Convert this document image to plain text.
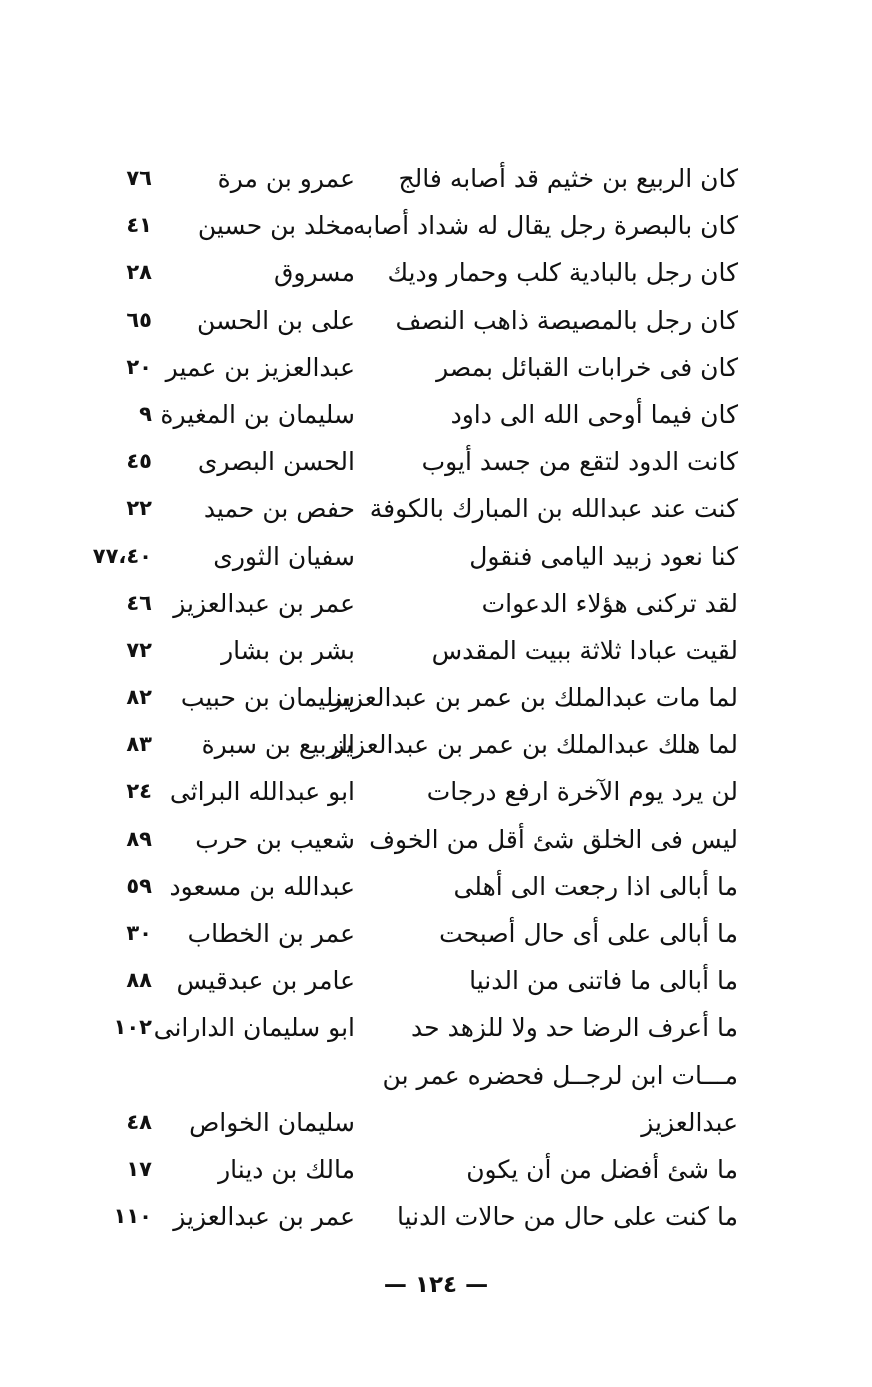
كان الربيع بن خثيم قد أصابه فالج
عمرو بن مرة
٧٦
كان بالبصرة رجل يقال له شداد أصابه
مخلد بن حسين
٤١
كان رجل بالبادية كلب وحمار وديك
مسروق
٢٨
كان رجل بالمصيصة ذاهب النصف
على بن الحسن
٦٥
كان فى خرابات القبائل بمصر
عبدالعزيز بن عمير
٢٠
كان فيما أوحى الله الى داود
سليمان بن المغيرة
٩
كانت الدود لتقع من جسد أيوب
الحسن البصرى
٤٥
كنت عند عبدالله بن المبارك بالكوفة
حفص بن حميد
٢٢
كنا نعود زبيد اليامى فنقول
سفيان الثورى
٧٧،٤٠
لقد تركنى هؤلاء الدعوات
عمر بن عبدالعزيز
٤٦
لقيت عبادا ثلاثة ببيت المقدس
بشر بن بشار
٧٢
لما مات عبدالملك بن عمر بن عبدالعزيز
سليمان بن حبيب
٨٢
لما هلك عبدالملك بن عمر بن عبدالعزيز
الربيع بن سبرة
٨٣
لن يرد يوم الآخرة ارفع درجات
ابو عبدالله البراثى
٢٤
ليس فى الخلق شئ أقل من الخوف
شعيب بن حرب
٨٩
ما أبالى اذا رجعت الى أهلى
عبدالله بن مسعود
٥٩
ما أبالى على أى حال أصبحت
عمر بن الخطاب
٣٠
ما أبالى ما فاتنى من الدنيا
عامر بن عبدقيس
٨٨
ما أعرف الرضا حد ولا للزهد حد
ابو سليمان الدارانى
١٠٢
مـــات ابن لرجــل فحضره عمر بن
عبدالعزيز
سليمان الخواص
٤٨
ما شئ أفضل من أن يكون
مالك بن دينار
١٧
ما كنت على حال من حالات الدنيا
عمر بن عبدالعزيز
١١٠
— ١٢٤ —
